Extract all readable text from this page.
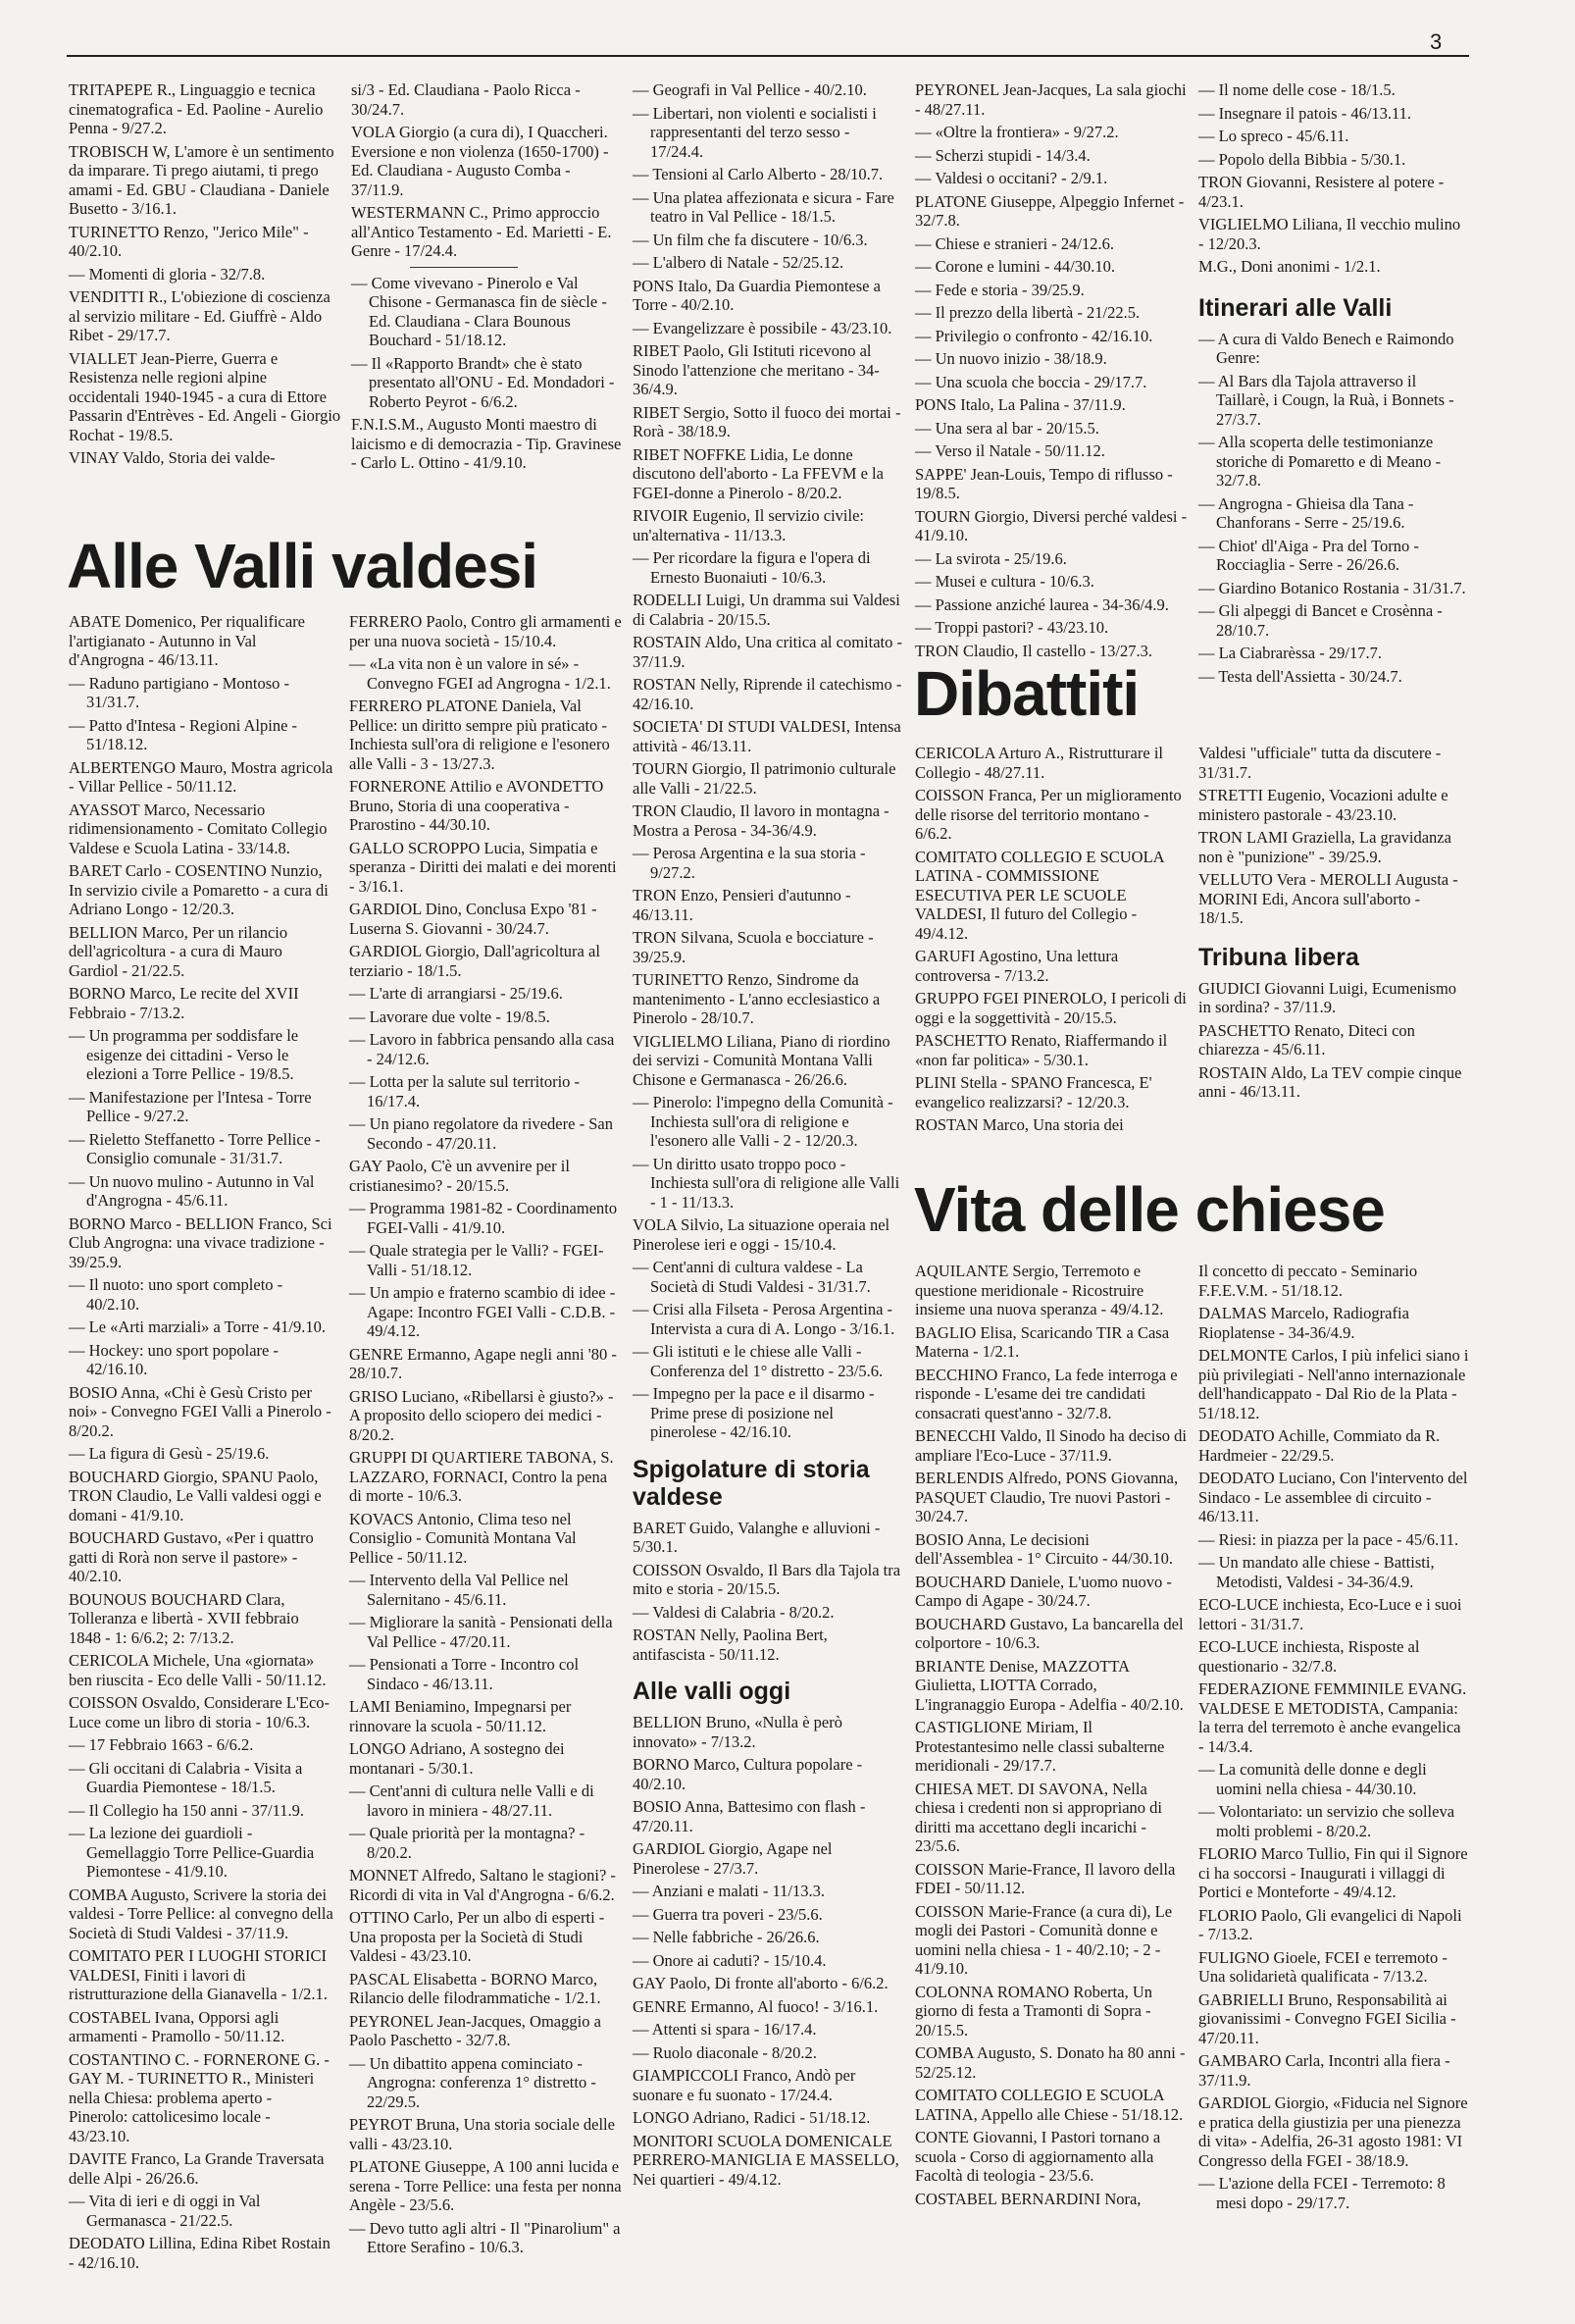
3
TRITAPEPE R., Linguaggio e tecnica cinematografica - Ed. Paoline - Aurelio Penna - 9/27.2.
TROBISCH W, L'amore è un sentimento da imparare. Ti prego aiutami, ti prego amami - Ed. GBU - Claudiana - Daniele Busetto - 3/16.1.
TURINETTO Renzo, "Jerico Mile" - 40/2.10.
— Momenti di gloria - 32/7.8.
VENDITTI R., L'obiezione di coscienza al servizio militare - Ed. Giuffrè - Aldo Ribet - 29/17.7.
VIALLET Jean-Pierre, Guerra e Resistenza nelle regioni alpine occidentali 1940-1945 - a cura di Ettore Passarin d'Entrèves - Ed. Angeli - Giorgio Rochat - 19/8.5.
VINAY Valdo, Storia dei valde-
si/3 - Ed. Claudiana - Paolo Ricca - 30/24.7.
VOLA Giorgio (a cura di), I Quaccheri. Eversione e non violenza (1650-1700) - Ed. Claudiana - Augusto Comba - 37/11.9.
WESTERMANN C., Primo approccio all'Antico Testamento - Ed. Marietti - E. Genre - 17/24.4.
— Come vivevano - Pinerolo e Val Chisone - Germanasca fin de siècle - Ed. Claudiana - Clara Bounous Bouchard - 51/18.12.
— Il «Rapporto Brandt» che è stato presentato all'ONU - Ed. Mondadori - Roberto Peyrot - 6/6.2.
F.N.I.S.M., Augusto Monti maestro di laicismo e di democrazia - Tip. Gravinese - Carlo L. Ottino - 41/9.10.
Alle Valli valdesi
ABATE Domenico, Per riqualificare l'artigianato - Autunno in Val d'Angrogna - 46/13.11.
— Raduno partigiano - Montoso - 31/31.7.
— Patto d'Intesa - Regioni Alpine - 51/18.12.
ALBERTENGO Mauro, Mostra agricola - Villar Pellice - 50/11.12.
AYASSOT Marco, Necessario ridimensionamento - Comitato Collegio Valdese e Scuola Latina - 33/14.8.
BARET Carlo - COSENTINO Nunzio, In servizio civile a Pomaretto - a cura di Adriano Longo - 12/20.3.
BELLION Marco, Per un rilancio dell'agricoltura - a cura di Mauro Gardiol - 21/22.5.
BORNO Marco, Le recite del XVII Febbraio - 7/13.2.
— Un programma per soddisfare le esigenze dei cittadini - Verso le elezioni a Torre Pellice - 19/8.5.
— Manifestazione per l'Intesa - Torre Pellice - 9/27.2.
— Rieletto Steffanetto - Torre Pellice - Consiglio comunale - 31/31.7.
— Un nuovo mulino - Autunno in Val d'Angrogna - 45/6.11.
BORNO Marco - BELLION Franco, Sci Club Angrogna: una vivace tradizione - 39/25.9.
— Il nuoto: uno sport completo - 40/2.10.
— Le «Arti marziali» a Torre - 41/9.10.
— Hockey: uno sport popolare - 42/16.10.
BOSIO Anna, «Chi è Gesù Cristo per noi» - Convegno FGEI Valli a Pinerolo - 8/20.2.
— La figura di Gesù - 25/19.6.
BOUCHARD Giorgio, SPANU Paolo, TRON Claudio, Le Valli valdesi oggi e domani - 41/9.10.
BOUCHARD Gustavo, «Per i quattro gatti di Rorà non serve il pastore» - 40/2.10.
BOUNOUS BOUCHARD Clara, Tolleranza e libertà - XVII febbraio 1848 - 1: 6/6.2; 2: 7/13.2.
CERICOLA Michele, Una «giornata» ben riuscita - Eco delle Valli - 50/11.12.
COISSON Osvaldo, Considerare L'Eco-Luce come un libro di storia - 10/6.3.
— 17 Febbraio 1663 - 6/6.2.
— Gli occitani di Calabria - Visita a Guardia Piemontese - 18/1.5.
— Il Collegio ha 150 anni - 37/11.9.
— La lezione dei guardioli - Gemellaggio Torre Pellice-Guardia Piemontese - 41/9.10.
COMBA Augusto, Scrivere la storia dei valdesi - Torre Pellice: al convegno della Società di Studi Valdesi - 37/11.9.
COMITATO PER I LUOGHI STORICI VALDESI, Finiti i lavori di ristrutturazione della Gianavella - 1/2.1.
COSTABEL Ivana, Opporsi agli armamenti - Pramollo - 50/11.12.
COSTANTINO C. - FORNERONE G. - GAY M. - TURINETTO R., Ministeri nella Chiesa: problema aperto - Pinerolo: cattolicesimo locale - 43/23.10.
DAVITE Franco, La Grande Traversata delle Alpi - 26/26.6.
— Vita di ieri e di oggi in Val Germanasca - 21/22.5.
DEODATO Lillina, Edina Ribet Rostain - 42/16.10.
FERRERO Paolo, Contro gli armamenti e per una nuova società - 15/10.4.
— «La vita non è un valore in sé» - Convegno FGEI ad Angrogna - 1/2.1.
FERRERO PLATONE Daniela, Val Pellice: un diritto sempre più praticato - Inchiesta sull'ora di religione e l'esonero alle Valli - 3 - 13/27.3.
FORNERONE Attilio e AVONDETTO Bruno, Storia di una cooperativa - Prarostino - 44/30.10.
GALLO SCROPPO Lucia, Simpatia e speranza - Diritti dei malati e dei morenti - 3/16.1.
GARDIOL Dino, Conclusa Expo '81 - Luserna S. Giovanni - 30/24.7.
GARDIOL Giorgio, Dall'agricoltura al terziario - 18/1.5.
— L'arte di arrangiarsi - 25/19.6.
— Lavorare due volte - 19/8.5.
— Lavoro in fabbrica pensando alla casa - 24/12.6.
— Lotta per la salute sul territorio - 16/17.4.
— Un piano regolatore da rivedere - San Secondo - 47/20.11.
GAY Paolo, C'è un avvenire per il cristianesimo? - 20/15.5.
— Programma 1981-82 - Coordinamento FGEI-Valli - 41/9.10.
— Quale strategia per le Valli? - FGEI-Valli - 51/18.12.
— Un ampio e fraterno scambio di idee - Agape: Incontro FGEI Valli - C.D.B. - 49/4.12.
GENRE Ermanno, Agape negli anni '80 - 28/10.7.
GRISO Luciano, «Ribellarsi è giusto?» - A proposito dello sciopero dei medici - 8/20.2.
GRUPPI DI QUARTIERE TABONA, S. LAZZARO, FORNACI, Contro la pena di morte - 10/6.3.
KOVACS Antonio, Clima teso nel Consiglio - Comunità Montana Val Pellice - 50/11.12.
— Intervento della Val Pellice nel Salernitano - 45/6.11.
— Migliorare la sanità - Pensionati della Val Pellice - 47/20.11.
— Pensionati a Torre - Incontro col Sindaco - 46/13.11.
LAMI Beniamino, Impegnarsi per rinnovare la scuola - 50/11.12.
LONGO Adriano, A sostegno dei montanari - 5/30.1.
— Cent'anni di cultura nelle Valli e di lavoro in miniera - 48/27.11.
— Quale priorità per la montagna? - 8/20.2.
MONNET Alfredo, Saltano le stagioni? - Ricordi di vita in Val d'Angrogna - 6/6.2.
OTTINO Carlo, Per un albo di esperti - Una proposta per la Società di Studi Valdesi - 43/23.10.
PASCAL Elisabetta - BORNO Marco, Rilancio delle filodrammatiche - 1/2.1.
PEYRONEL Jean-Jacques, Omaggio a Paolo Paschetto - 32/7.8.
— Un dibattito appena cominciato - Angrogna: conferenza 1° distretto - 22/29.5.
PEYROT Bruna, Una storia sociale delle valli - 43/23.10.
PLATONE Giuseppe, A 100 anni lucida e serena - Torre Pellice: una festa per nonna Angèle - 23/5.6.
— Devo tutto agli altri - Il "Pinarolium" a Ettore Serafino - 10/6.3.
— Geografi in Val Pellice - 40/2.10.
— Libertari, non violenti e socialisti i rappresentanti del terzo sesso - 17/24.4.
— Tensioni al Carlo Alberto - 28/10.7.
— Una platea affezionata e sicura - Fare teatro in Val Pellice - 18/1.5.
— Un film che fa discutere - 10/6.3.
— L'albero di Natale - 52/25.12.
PONS Italo, Da Guardia Piemontese a Torre - 40/2.10.
— Evangelizzare è possibile - 43/23.10.
RIBET Paolo, Gli Istituti ricevono al Sinodo l'attenzione che meritano - 34-36/4.9.
RIBET Sergio, Sotto il fuoco dei mortai - Rorà - 38/18.9.
RIBET NOFFKE Lidia, Le donne discutono dell'aborto - La FFEVM e la FGEI-donne a Pinerolo - 8/20.2.
RIVOIR Eugenio, Il servizio civile: un'alternativa - 11/13.3.
— Per ricordare la figura e l'opera di Ernesto Buonaiuti - 10/6.3.
RODELLI Luigi, Un dramma sui Valdesi di Calabria - 20/15.5.
ROSTAIN Aldo, Una critica al comitato - 37/11.9.
ROSTAN Nelly, Riprende il catechismo - 42/16.10.
SOCIETA' DI STUDI VALDESI, Intensa attività - 46/13.11.
TOURN Giorgio, Il patrimonio culturale alle Valli - 21/22.5.
TRON Claudio, Il lavoro in montagna - Mostra a Perosa - 34-36/4.9.
— Perosa Argentina e la sua storia - 9/27.2.
TRON Enzo, Pensieri d'autunno - 46/13.11.
TRON Silvana, Scuola e bocciature - 39/25.9.
TURINETTO Renzo, Sindrome da mantenimento - L'anno ecclesiastico a Pinerolo - 28/10.7.
VIGLIELMO Liliana, Piano di riordino dei servizi - Comunità Montana Valli Chisone e Germanasca - 26/26.6.
— Pinerolo: l'impegno della Comunità - Inchiesta sull'ora di religione e l'esonero alle Valli - 2 - 12/20.3.
— Un diritto usato troppo poco - Inchiesta sull'ora di religione alle Valli - 1 - 11/13.3.
VOLA Silvio, La situazione operaia nel Pinerolese ieri e oggi - 15/10.4.
— Cent'anni di cultura valdese - La Società di Studi Valdesi - 31/31.7.
— Crisi alla Filseta - Perosa Argentina - Intervista a cura di A. Longo - 3/16.1.
— Gli istituti e le chiese alle Valli - Conferenza del 1° distretto - 23/5.6.
— Impegno per la pace e il disarmo - Prime prese di posizione nel pinerolese - 42/16.10.
Spigolature di storia valdese
BARET Guido, Valanghe e alluvioni - 5/30.1.
COISSON Osvaldo, Il Bars dla Tajola tra mito e storia - 20/15.5.
— Valdesi di Calabria - 8/20.2.
ROSTAN Nelly, Paolina Bert, antifascista - 50/11.12.
Alle valli oggi
BELLION Bruno, «Nulla è però innovato» - 7/13.2.
BORNO Marco, Cultura popolare - 40/2.10.
BOSIO Anna, Battesimo con flash - 47/20.11.
GARDIOL Giorgio, Agape nel Pinerolese - 27/3.7.
— Anziani e malati - 11/13.3.
— Guerra tra poveri - 23/5.6.
— Nelle fabbriche - 26/26.6.
— Onore ai caduti? - 15/10.4.
GAY Paolo, Di fronte all'aborto - 6/6.2.
GENRE Ermanno, Al fuoco! - 3/16.1.
— Attenti si spara - 16/17.4.
— Ruolo diaconale - 8/20.2.
GIAMPICCOLI Franco, Andò per suonare e fu suonato - 17/24.4.
LONGO Adriano, Radici - 51/18.12.
MONITORI SCUOLA DOMENICALE PERRERO-MANIGLIA E MASSELLO, Nei quartieri - 49/4.12.
PEYRONEL Jean-Jacques, La sala giochi - 48/27.11.
— «Oltre la frontiera» - 9/27.2.
— Scherzi stupidi - 14/3.4.
— Valdesi o occitani? - 2/9.1.
PLATONE Giuseppe, Alpeggio Infernet - 32/7.8.
— Chiese e stranieri - 24/12.6.
— Corone e lumini - 44/30.10.
— Fede e storia - 39/25.9.
— Il prezzo della libertà - 21/22.5.
— Privilegio o confronto - 42/16.10.
— Un nuovo inizio - 38/18.9.
— Una scuola che boccia - 29/17.7.
PONS Italo, La Palina - 37/11.9.
— Una sera al bar - 20/15.5.
— Verso il Natale - 50/11.12.
SAPPE' Jean-Louis, Tempo di riflusso - 19/8.5.
TOURN Giorgio, Diversi perché valdesi - 41/9.10.
— La svirota - 25/19.6.
— Musei e cultura - 10/6.3.
— Passione anziché laurea - 34-36/4.9.
— Troppi pastori? - 43/23.10.
TRON Claudio, Il castello - 13/27.3.
— Il nome delle cose - 18/1.5.
— Insegnare il patois - 46/13.11.
— Lo spreco - 45/6.11.
— Popolo della Bibbia - 5/30.1.
TRON Giovanni, Resistere al potere - 4/23.1.
VIGLIELMO Liliana, Il vecchio mulino - 12/20.3.
M.G., Doni anonimi - 1/2.1.
Itinerari alle Valli
— A cura di Valdo Benech e Raimondo Genre:
— Al Bars dla Tajola attraverso il Taillarè, i Cougn, la Ruà, i Bonnets - 27/3.7.
— Alla scoperta delle testimonianze storiche di Pomaretto e di Meano - 32/7.8.
— Angrogna - Ghieisa dla Tana - Chanforans - Serre - 25/19.6.
— Chiot' dl'Aiga - Pra del Torno - Rocciaglia - Serre - 26/26.6.
— Giardino Botanico Rostania - 31/31.7.
— Gli alpeggi di Bancet e Crosènna - 28/10.7.
— La Ciabrarèssa - 29/17.7.
— Testa dell'Assietta - 30/24.7.
Dibattiti
CERICOLA Arturo A., Ristrutturare il Collegio - 48/27.11.
COISSON Franca, Per un miglioramento delle risorse del territorio montano - 6/6.2.
COMITATO COLLEGIO E SCUOLA LATINA - COMMISSIONE ESECUTIVA PER LE SCUOLE VALDESI, Il futuro del Collegio - 49/4.12.
GARUFI Agostino, Una lettura controversa - 7/13.2.
GRUPPO FGEI PINEROLO, I pericoli di oggi e la soggettività - 20/15.5.
PASCHETTO Renato, Riaffermando il «non far politica» - 5/30.1.
PLINI Stella - SPANO Francesca, E' evangelico realizzarsi? - 12/20.3.
ROSTAN Marco, Una storia dei
Valdesi "ufficiale" tutta da discutere - 31/31.7.
STRETTI Eugenio, Vocazioni adulte e ministero pastorale - 43/23.10.
TRON LAMI Graziella, La gravidanza non è "punizione" - 39/25.9.
VELLUTO Vera - MEROLLI Augusta - MORINI Edi, Ancora sull'aborto - 18/1.5.
Tribuna libera
GIUDICI Giovanni Luigi, Ecumenismo in sordina? - 37/11.9.
PASCHETTO Renato, Diteci con chiarezza - 45/6.11.
ROSTAIN Aldo, La TEV compie cinque anni - 46/13.11.
Vita delle chiese
AQUILANTE Sergio, Terremoto e questione meridionale - Ricostruire insieme una nuova speranza - 49/4.12.
BAGLIO Elisa, Scaricando TIR a Casa Materna - 1/2.1.
BECCHINO Franco, La fede interroga e risponde - L'esame dei tre candidati consacrati quest'anno - 32/7.8.
BENECCHI Valdo, Il Sinodo ha deciso di ampliare l'Eco-Luce - 37/11.9.
BERLENDIS Alfredo, PONS Giovanna, PASQUET Claudio, Tre nuovi Pastori - 30/24.7.
BOSIO Anna, Le decisioni dell'Assemblea - 1° Circuito - 44/30.10.
BOUCHARD Daniele, L'uomo nuovo - Campo di Agape - 30/24.7.
BOUCHARD Gustavo, La bancarella del colportore - 10/6.3.
BRIANTE Denise, MAZZOTTA Giulietta, LIOTTA Corrado, L'ingranaggio Europa - Adelfia - 40/2.10.
CASTIGLIONE Miriam, Il Protestantesimo nelle classi subalterne meridionali - 29/17.7.
CHIESA MET. DI SAVONA, Nella chiesa i credenti non si appropriano di diritti ma accettano degli incarichi - 23/5.6.
COISSON Marie-France, Il lavoro della FDEI - 50/11.12.
COISSON Marie-France (a cura di), Le mogli dei Pastori - Comunità donne e uomini nella chiesa - 1 - 40/2.10; - 2 - 41/9.10.
COLONNA ROMANO Roberta, Un giorno di festa a Tramonti di Sopra - 20/15.5.
COMBA Augusto, S. Donato ha 80 anni - 52/25.12.
COMITATO COLLEGIO E SCUOLA LATINA, Appello alle Chiese - 51/18.12.
CONTE Giovanni, I Pastori tornano a scuola - Corso di aggiornamento alla Facoltà di teologia - 23/5.6.
COSTABEL BERNARDINI Nora,
Il concetto di peccato - Seminario F.F.E.V.M. - 51/18.12.
DALMAS Marcelo, Radiografia Rioplatense - 34-36/4.9.
DELMONTE Carlos, I più infelici siano i più privilegiati - Nell'anno internazionale dell'handicappato - Dal Rio de la Plata - 51/18.12.
DEODATO Achille, Commiato da R. Hardmeier - 22/29.5.
DEODATO Luciano, Con l'intervento del Sindaco - Le assemblee di circuito - 46/13.11.
— Riesi: in piazza per la pace - 45/6.11.
— Un mandato alle chiese - Battisti, Metodisti, Valdesi - 34-36/4.9.
ECO-LUCE inchiesta, Eco-Luce e i suoi lettori - 31/31.7.
ECO-LUCE inchiesta, Risposte al questionario - 32/7.8.
FEDERAZIONE FEMMINILE EVANG. VALDESE E METODISTA, Campania: la terra del terremoto è anche evangelica - 14/3.4.
— La comunità delle donne e degli uomini nella chiesa - 44/30.10.
— Volontariato: un servizio che solleva molti problemi - 8/20.2.
FLORIO Marco Tullio, Fin qui il Signore ci ha soccorsi - Inaugurati i villaggi di Portici e Monteforte - 49/4.12.
FLORIO Paolo, Gli evangelici di Napoli - 7/13.2.
FULIGNO Gioele, FCEI e terremoto - Una solidarietà qualificata - 7/13.2.
GABRIELLI Bruno, Responsabilità ai giovanissimi - Convegno FGEI Sicilia - 47/20.11.
GAMBARO Carla, Incontri alla fiera - 37/11.9.
GARDIOL Giorgio, «Fiducia nel Signore e pratica della giustizia per una pienezza di vita» - Adelfia, 26-31 agosto 1981: VI Congresso della FGEI - 38/18.9.
— L'azione della FCEI - Terremoto: 8 mesi dopo - 29/17.7.
